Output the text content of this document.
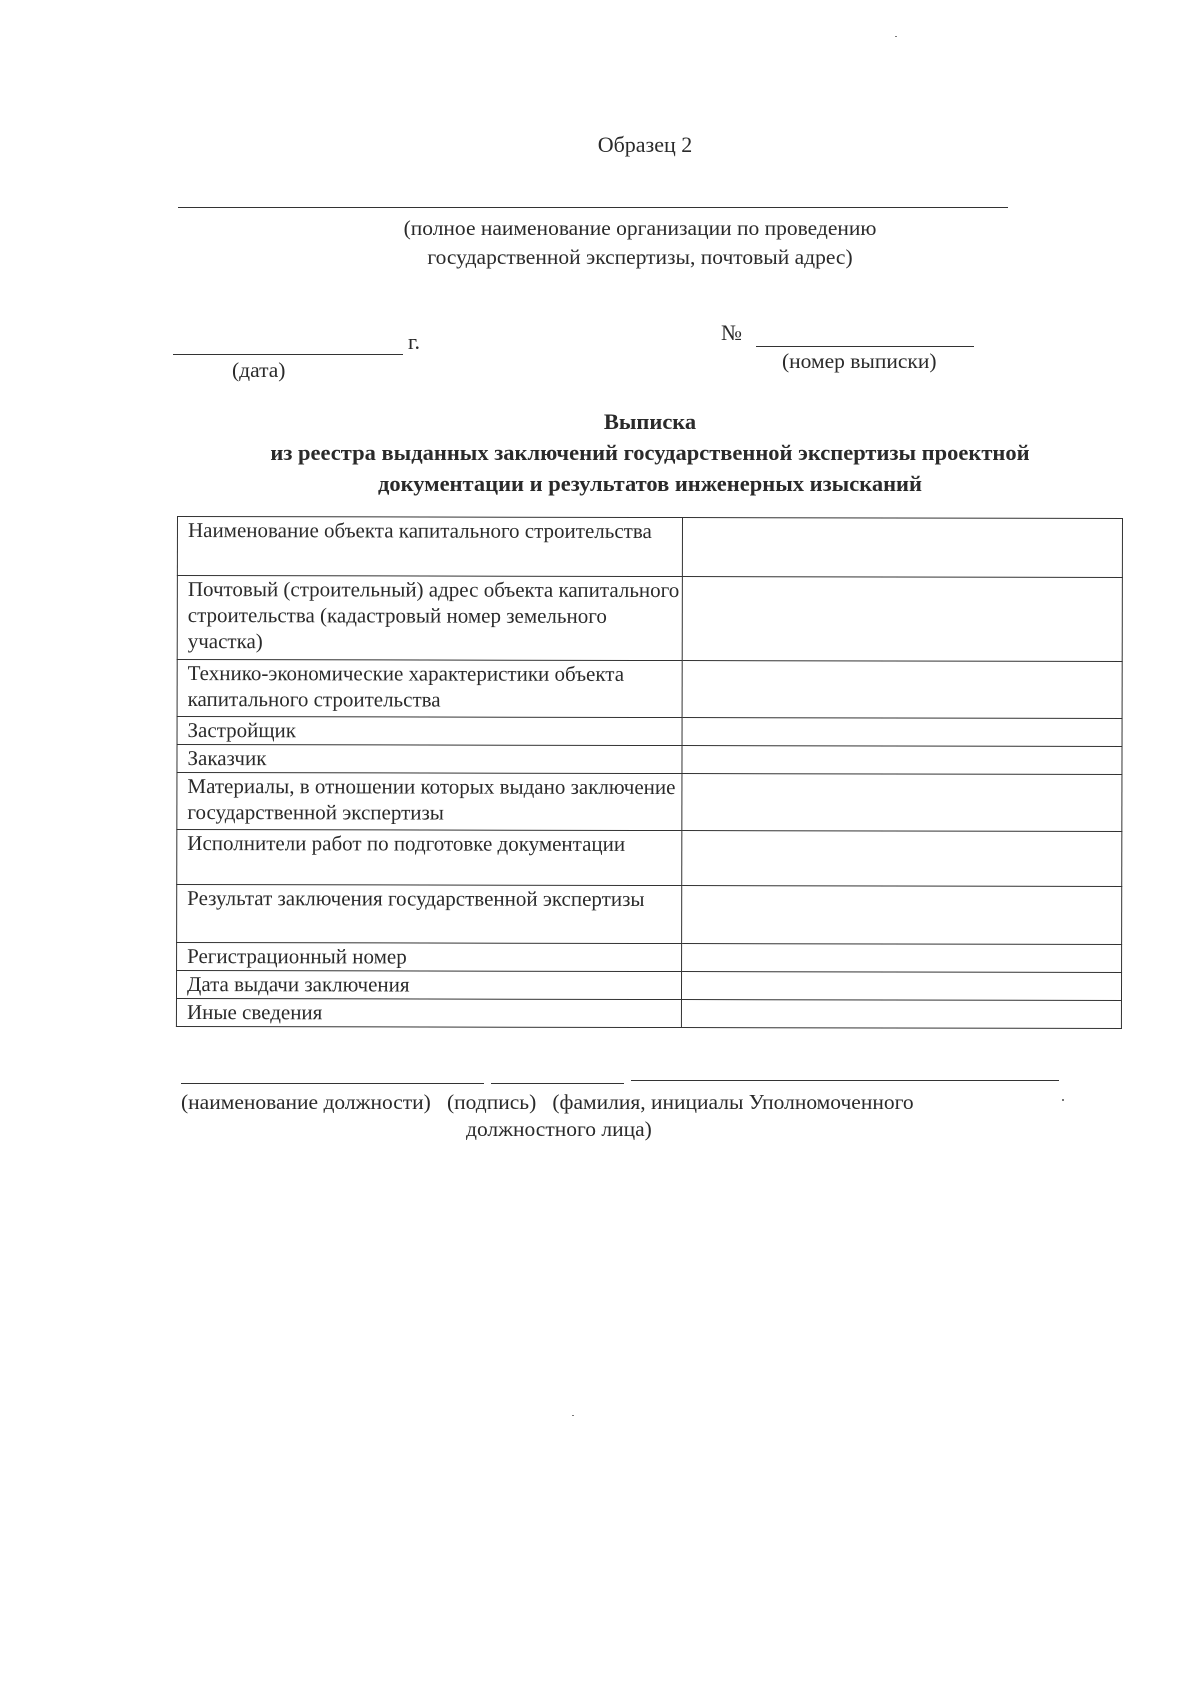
Образец 2
(полное наименование организации по проведению
государственной экспертизы, почтовый адрес)
г.
(дата)
№
(номер выписки)
Выписка
из реестра выданных заключений государственной экспертизы проектной
документации и результатов инженерных изысканий
Наименование объекта капитального строительства	
Почтовый (строительный) адрес объекта капитального строительства (кадастровый номер земельного участка)	
Технико-экономические характеристики объекта капитального строительства	
Застройщик	
Заказчик	
Материалы, в отношении которых выдано заключение государственной экспертизы	
Исполнители работ по подготовке документации	
Результат заключения государственной экспертизы	
Регистрационный номер	
Дата выдачи заключения	
Иные сведения	
(наименование должности) (подпись) (фамилия, инициалы Уполномоченного
должностного лица)
